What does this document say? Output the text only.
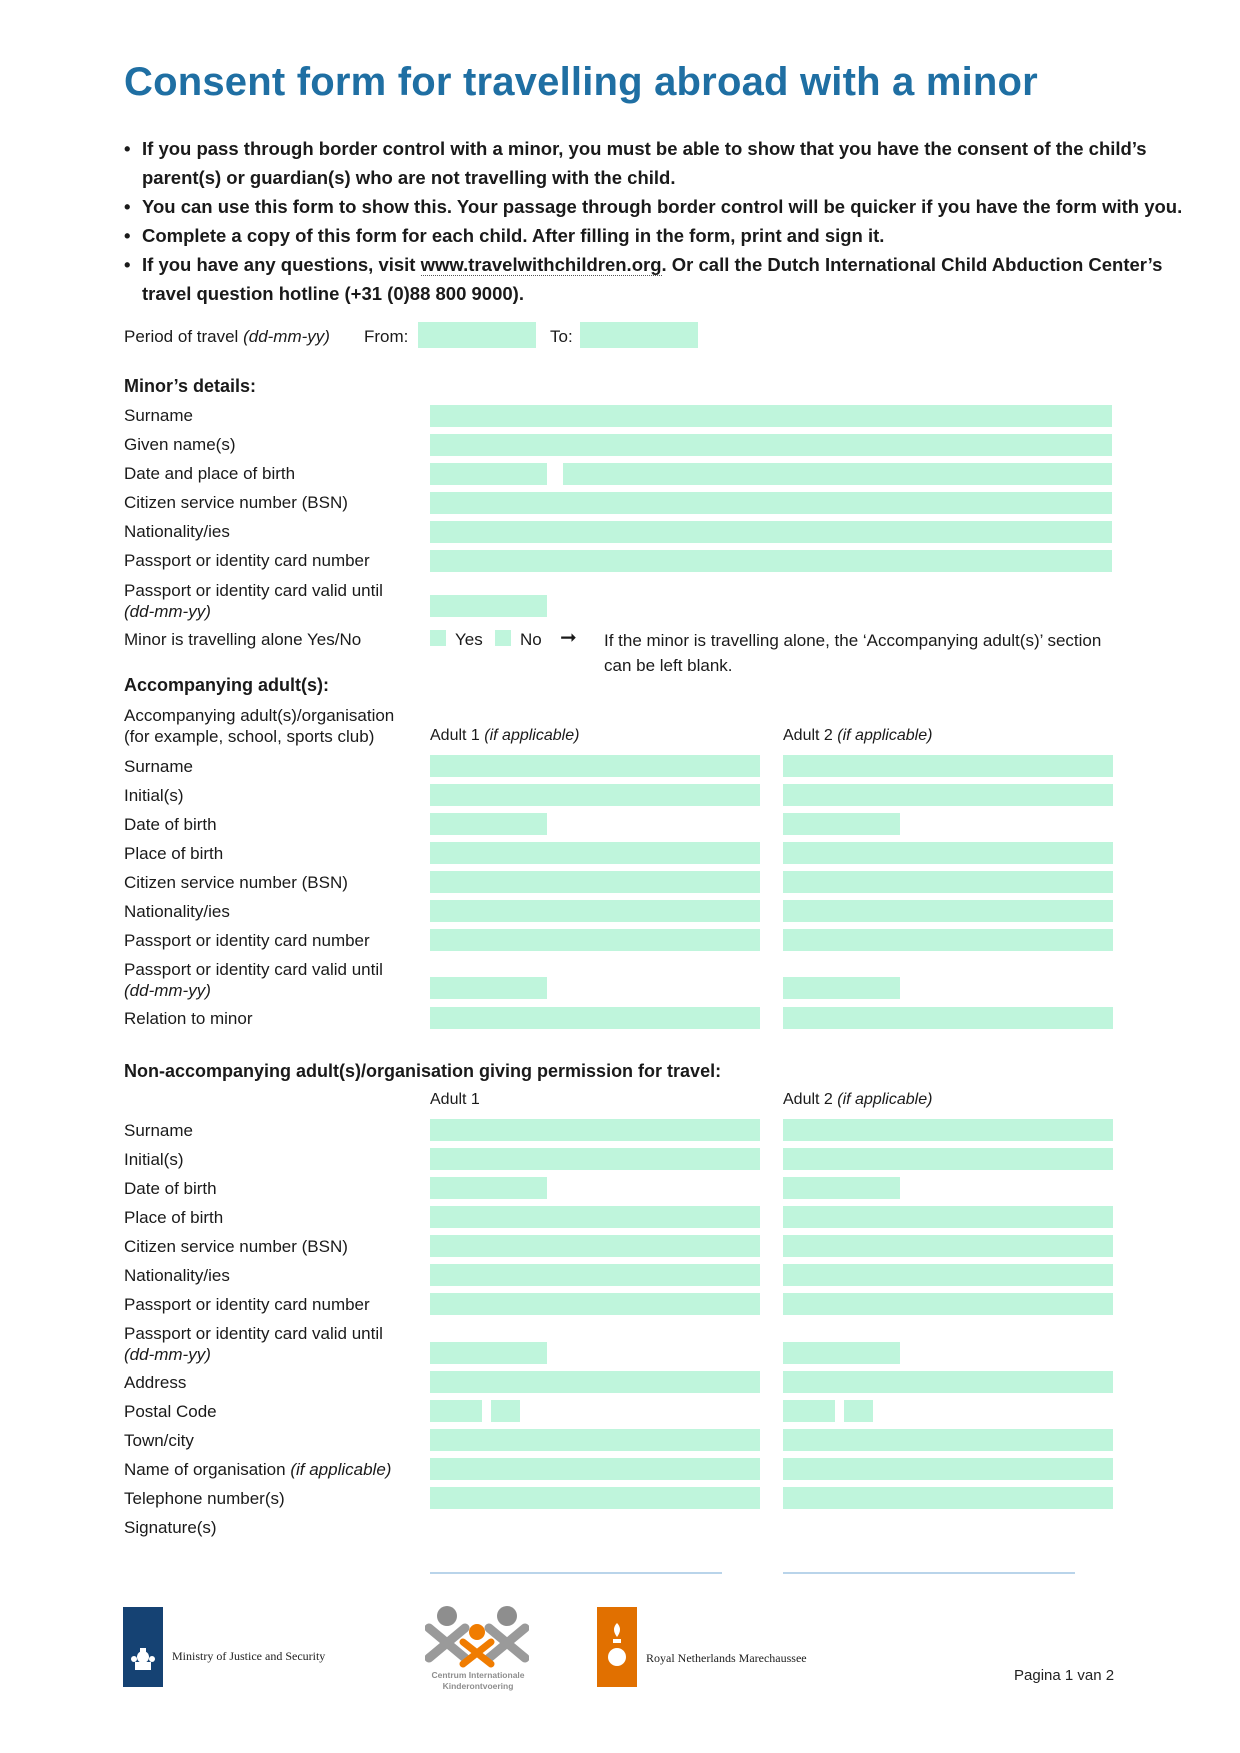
Consent form for travelling abroad with a minor
• If you pass through border control with a minor, you must be able to show that you have the consent of the child’s parent(s) or guardian(s) who are not travelling with the child.
• You can use this form to show this. Your passage through border control will be quicker if you have the form with you.
• Complete a copy of this form for each child. After filling in the form, print and sign it.
• If you have any questions, visit www.travelwithchildren.org. Or call the Dutch International Child Abduction Center’s travel question hotline (+31 (0)88 800 9000).
Period of travel (dd-mm-yy) From:	To:
Minor’s details:
Surname
Given name(s)
Date and place of birth
Citizen service number (BSN)
Nationality/ies
Passport or identity card number
Passport or identity card valid until
(dd-mm-yy)
Minor is travelling alone Yes/No	Yes No ➞ If the minor is travelling alone, the ‘Accompanying adult(s)’ section can be left blank.
Accompanying adult(s):
Accompanying adult(s)/organisation
(for example, school, sports club)	Adult 1 (if applicable)	Adult 2 (if applicable)
Surname
Initial(s)
Date of birth
Place of birth
Citizen service number (BSN)
Nationality/ies
Passport or identity card number
Passport or identity card valid until
(dd-mm-yy)
Relation to minor
Non-accompanying adult(s)/organisation giving permission for travel:
Adult 1	Adult 2 (if applicable)
Surname
Initial(s)
Date of birth
Place of birth
Citizen service number (BSN)
Nationality/ies
Passport or identity card number
Passport or identity card valid until
(dd-mm-yy)
Address
Postal Code
Town/city
Name of organisation (if applicable)
Telephone number(s)
Signature(s)
Ministry of Justice and Security
Centrum Internationale
Kinderontvoering
Royal Netherlands Marechaussee
Pagina 1 van 2
